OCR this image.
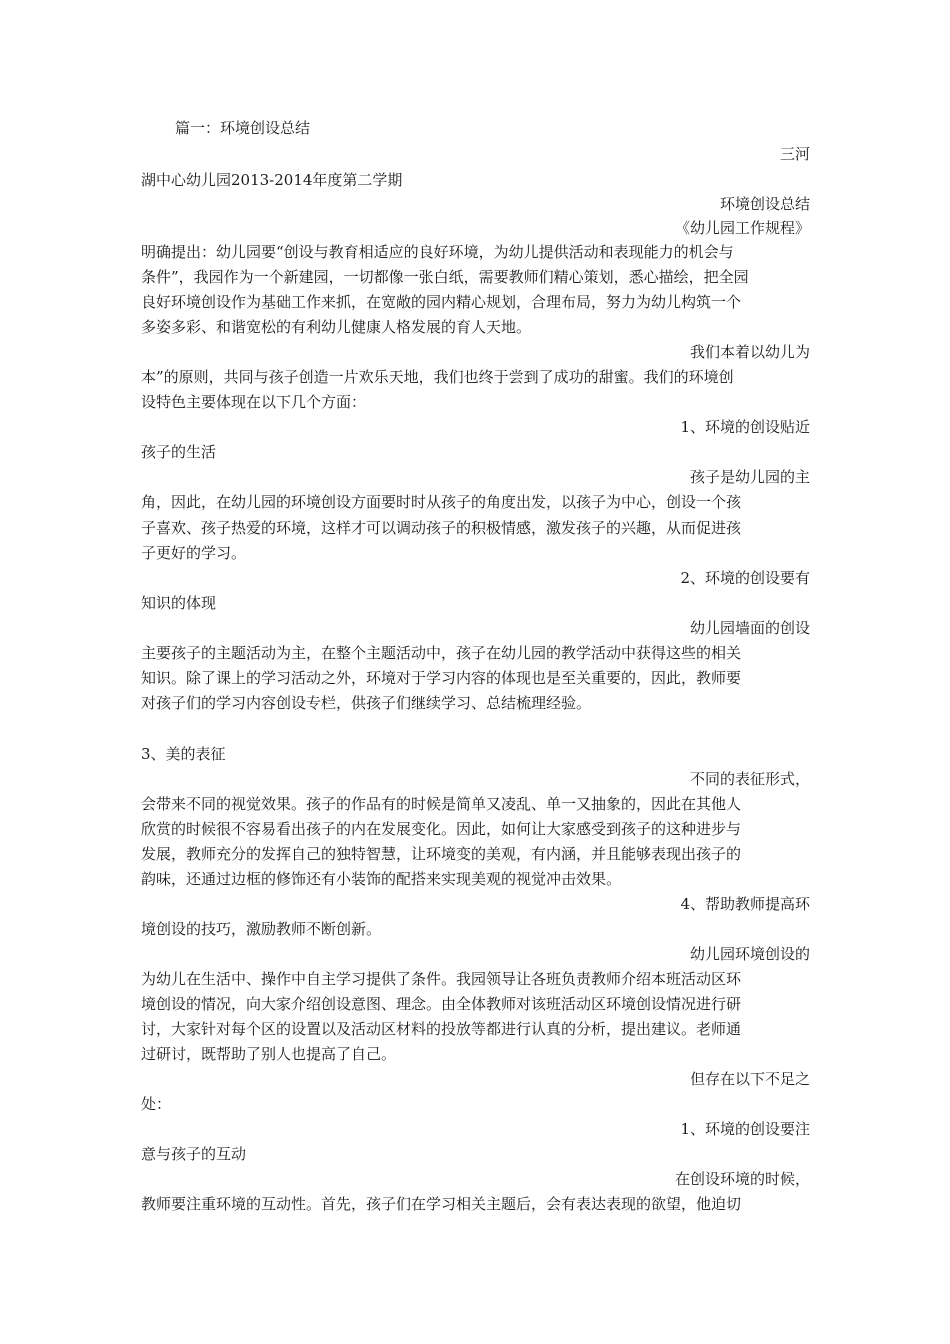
篇一：环境创设总结
三河
湖中心幼儿园2013-2014年度第二学期
环境创设总结
《幼儿园工作规程》
明确提出：幼儿园要“创设与教育相适应的良好环境，为幼儿提供活动和表现能力的机会与
条件”，我园作为一个新建园，一切都像一张白纸，需要教师们精心策划，悉心描绘，把全园
良好环境创设作为基础工作来抓，在宽敞的园内精心规划，合理布局，努力为幼儿构筑一个
多姿多彩、和谐宽松的有利幼儿健康人格发展的育人天地。
我们本着以幼儿为
本”的原则，共同与孩子创造一片欢乐天地，我们也终于尝到了成功的甜蜜。我们的环境创
设特色主要体现在以下几个方面：
1、环境的创设贴近
孩子的生活
孩子是幼儿园的主
角，因此，在幼儿园的环境创设方面要时时从孩子的角度出发，以孩子为中心，创设一个孩
子喜欢、孩子热爱的环境，这样才可以调动孩子的积极情感，激发孩子的兴趣，从而促进孩
子更好的学习。
2、环境的创设要有
知识的体现
幼儿园墙面的创设
主要孩子的主题活动为主，在整个主题活动中，孩子在幼儿园的教学活动中获得这些的相关
知识。除了课上的学习活动之外，环境对于学习内容的体现也是至关重要的，因此，教师要
对孩子们的学习内容创设专栏，供孩子们继续学习、总结梳理经验。
3、美的表征
不同的表征形式，
会带来不同的视觉效果。孩子的作品有的时候是简单又凌乱、单一又抽象的，因此在其他人
欣赏的时候很不容易看出孩子的内在发展变化。因此，如何让大家感受到孩子的这种进步与
发展，教师充分的发挥自己的独特智慧，让环境变的美观，有内涵，并且能够表现出孩子的
韵味，还通过边框的修饰还有小装饰的配搭来实现美观的视觉冲击效果。
4、帮助教师提高环
境创设的技巧，激励教师不断创新。
幼儿园环境创设的
为幼儿在生活中、操作中自主学习提供了条件。我园领导让各班负责教师介绍本班活动区环
境创设的情况，向大家介绍创设意图、理念。由全体教师对该班活动区环境创设情况进行研
讨，大家针对每个区的设置以及活动区材料的投放等都进行认真的分析，提出建议。老师通
过研讨，既帮助了别人也提高了自己。
但存在以下不足之
处：
1、环境的创设要注
意与孩子的互动
在创设环境的时候，
教师要注重环境的互动性。首先，孩子们在学习相关主题后，会有表达表现的欲望，他迫切
